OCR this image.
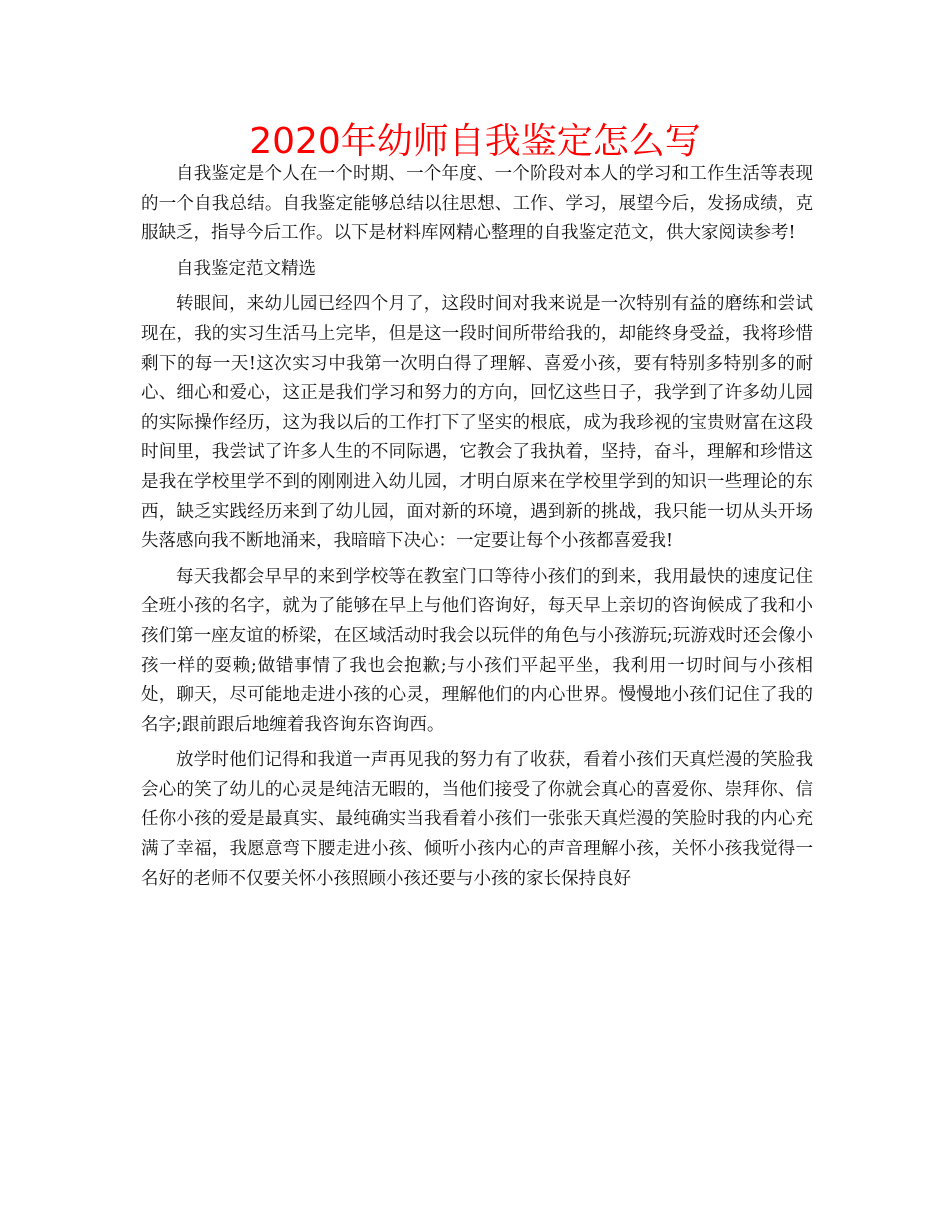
2020年幼师自我鉴定怎么写

自我鉴定是个人在一个时期、一个年度、一个阶段对本人的学习和工作生活等表现的一个自我总结。自我鉴定能够总结以往思想、工作、学习，展望今后，发扬成绩，克服缺乏，指导今后工作。以下是材料库网精心整理的自我鉴定范文，供大家阅读参考!

自我鉴定范文精选

转眼间，来幼儿园已经四个月了，这段时间对我来说是一次特别有益的磨练和尝试现在，我的实习生活马上完毕，但是这一段时间所带给我的，却能终身受益，我将珍惜剩下的每一天!这次实习中我第一次明白得了理解、喜爱小孩，要有特别多特别多的耐心、细心和爱心，这正是我们学习和努力的方向，回忆这些日子，我学到了许多幼儿园的实际操作经历，这为我以后的工作打下了坚实的根底，成为我珍视的宝贵财富在这段时间里，我尝试了许多人生的不同际遇，它教会了我执着，坚持，奋斗，理解和珍惜这是我在学校里学不到的刚刚进入幼儿园，才明白原来在学校里学到的知识一些理论的东西，缺乏实践经历来到了幼儿园，面对新的环境，遇到新的挑战，我只能一切从头开场失落感向我不断地涌来，我暗暗下决心：一定要让每个小孩都喜爱我!

每天我都会早早的来到学校等在教室门口等待小孩们的到来，我用最快的速度记住全班小孩的名字，就为了能够在早上与他们咨询好，每天早上亲切的咨询候成了我和小孩们第一座友谊的桥梁，在区域活动时我会以玩伴的角色与小孩游玩;玩游戏时还会像小孩一样的耍赖;做错事情了我也会抱歉;与小孩们平起平坐，我利用一切时间与小孩相处，聊天，尽可能地走进小孩的心灵，理解他们的内心世界。慢慢地小孩们记住了我的名字;跟前跟后地缠着我咨询东咨询西。

放学时他们记得和我道一声再见我的努力有了收获，看着小孩们天真烂漫的笑脸我会心的笑了幼儿的心灵是纯洁无暇的，当他们接受了你就会真心的喜爱你、崇拜你、信任你小孩的爱是最真实、最纯确实当我看着小孩们一张张天真烂漫的笑脸时我的内心充满了幸福，我愿意弯下腰走进小孩、倾听小孩内心的声音理解小孩，关怀小孩我觉得一名好的老师不仅要关怀小孩照顾小孩还要与小孩的家长保持良好
